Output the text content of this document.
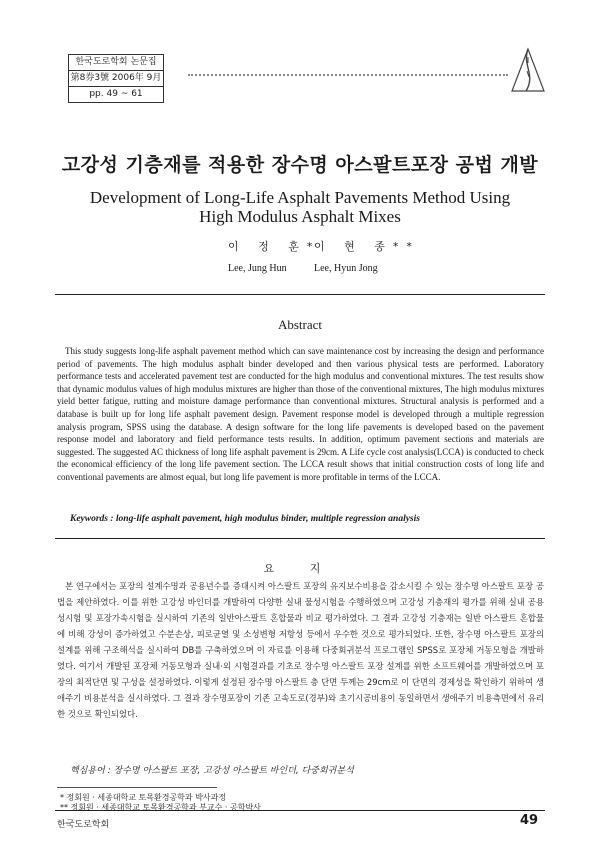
한국도로학회 논문집
第8券3號 2006年 9月
pp. 49 ~ 61
고강성 기층재를 적용한 장수명 아스팔트포장 공법 개발
Development of Long-Life Asphalt Pavements Method Using
High Modulus Asphalt Mixes
이 정 훈*
이 현 종**
Lee, Jung Hun	Lee, Hyun Jong
Abstract

This study suggests long-life asphalt pavement method which can save maintenance cost by increasing the design and performance period of pavements. The high modulus asphalt binder developed and then various physical tests are performed. Laboratory performance tests and accelerated pavement test are conducted for the high modulus and conventional mixtures. The test results show that dynamic modulus values of high modulus mixtures are higher than those of the conventional mixtures, The high modulus mixtures yield better fatigue, rutting and moisture damage performance than conventional mixtures. Structural analysis is performed and a database is built up for long life asphalt pavement design. Pavement response model is developed through a multiple regression analysis program, SPSS using the database. A design software for the long life pavements is developed based on the pavement response model and laboratory and field performance tests results. In addition, optimum pavement sections and materials are suggested. The suggested AC thickness of long life asphalt pavement is 29cm. A Life cycle cost analysis(LCCA) is conducted to check the economical efficiency of the long life pavement section. The LCCA result shows that initial construction costs of long life and conventional pavements are almost equal, but long life pavement is more profitable in terms of the LCCA.

Keywords : long-life asphalt pavement, high modulus binder, multiple regression analysis
요 지

본 연구에서는 포장의 설계수명과 공용년수를 증대시켜 아스팔트 포장의 유지보수비용을 감소시킬 수 있는 장수명 아스팔트 포장 공법을 제안하였다. 이를 위한 고강성 바인더를 개발하여 다양한 실내 물성시험을 수행하였으며 고강성 기층재의 평가를 위해 실내 공용성시험 및 포장가속시험을 실시하여 기존의 일반아스팔트 혼합물과 비교 평가하였다. 그 결과 고강성 기층재는 일반 아스팔트 혼합물에 비해 강성이 증가하였고 수분손상, 피로균열 및 소성변형 저항성 등에서 우수한 것으로 평가되었다. 또한, 장수명 아스팔트 포장의 설계를 위해 구조해석을 실시하여 DB를 구축하였으며 이 자료를 이용해 다중회귀분석 프로그램인 SPSS로 포장체 거동모형을 개발하였다. 여기서 개발된 포장체 거동모형과 실내·외 시험결과를 기초로 장수명 아스팔트 포장 설계를 위한 소프트웨어를 개발하였으며 포장의 최적단면 및 구성을 설정하였다. 이렇게 설정된 장수명 아스팔트 층 단면 두께는 29cm로 이 단면의 경제성을 확인하기 위하여 생애주기 비용분석을 실시하였다. 그 결과 장수명포장이 기존 고속도로(경부)와 초기시공비용이 동일하면서 생애주기 비용측면에서 유리한 것으로 확인되었다.

핵심용어 : 장수명 아스팔트 포장, 고강성 아스팔트 바인더, 다중회귀분석
* 정회원 · 세종대학교 토목환경공학과 박사과정
** 정회원 · 세종대학교 토목환경공학과 부교수 · 공학박사
한국도로학회	49
